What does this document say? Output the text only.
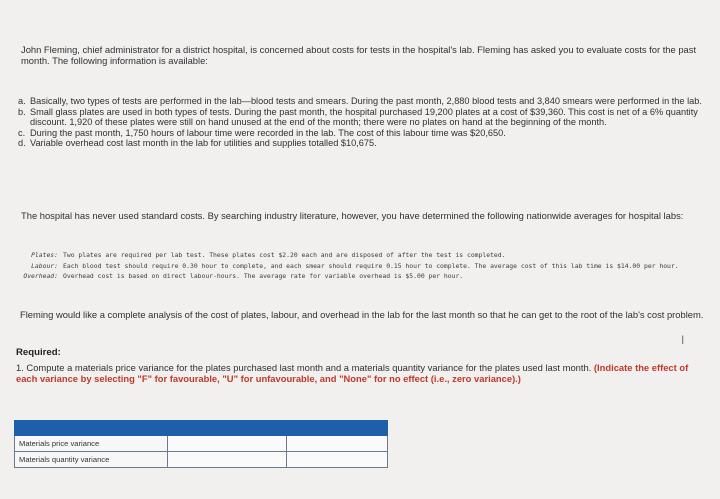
John Fleming, chief administrator for a district hospital, is concerned about costs for tests in the hospital's lab. Fleming has asked you to evaluate costs for the past month. The following information is available:

a. Basically, two types of tests are performed in the lab—blood tests and smears. During the past month, 2,880 blood tests and 3,840 smears were performed in the lab.
b. Small glass plates are used in both types of tests. During the past month, the hospital purchased 19,200 plates at a cost of $39,360. This cost is net of a 6% quantity discount. 1,920 of these plates were still on hand unused at the end of the month; there were no plates on hand at the beginning of the month.
c. During the past month, 1,750 hours of labour time were recorded in the lab. The cost of this labour time was $20,650.
d. Variable overhead cost last month in the lab for utilities and supplies totalled $10,675.

The hospital has never used standard costs. By searching industry literature, however, you have determined the following nationwide averages for hospital labs:

Plates: Two plates are required per lab test. These plates cost $2.20 each and are disposed of after the test is completed.
Labour: Each blood test should require 0.30 hour to complete, and each smear should require 0.15 hour to complete. The average cost of this lab time is $14.00 per hour.
Overhead: Overhead cost is based on direct labour-hours. The average rate for variable overhead is $5.00 per hour.

Fleming would like a complete analysis of the cost of plates, labour, and overhead in the lab for the last month so that he can get to the root of the lab's cost problem.

I
Required:

1. Compute a materials price variance for the plates purchased last month and a materials quantity variance for the plates used last month. (Indicate the effect of each variance by selecting "F" for favourable, "U" for unfavourable, and "None" for no effect (i.e., zero variance).)

Materials price variance		
Materials quantity variance		
